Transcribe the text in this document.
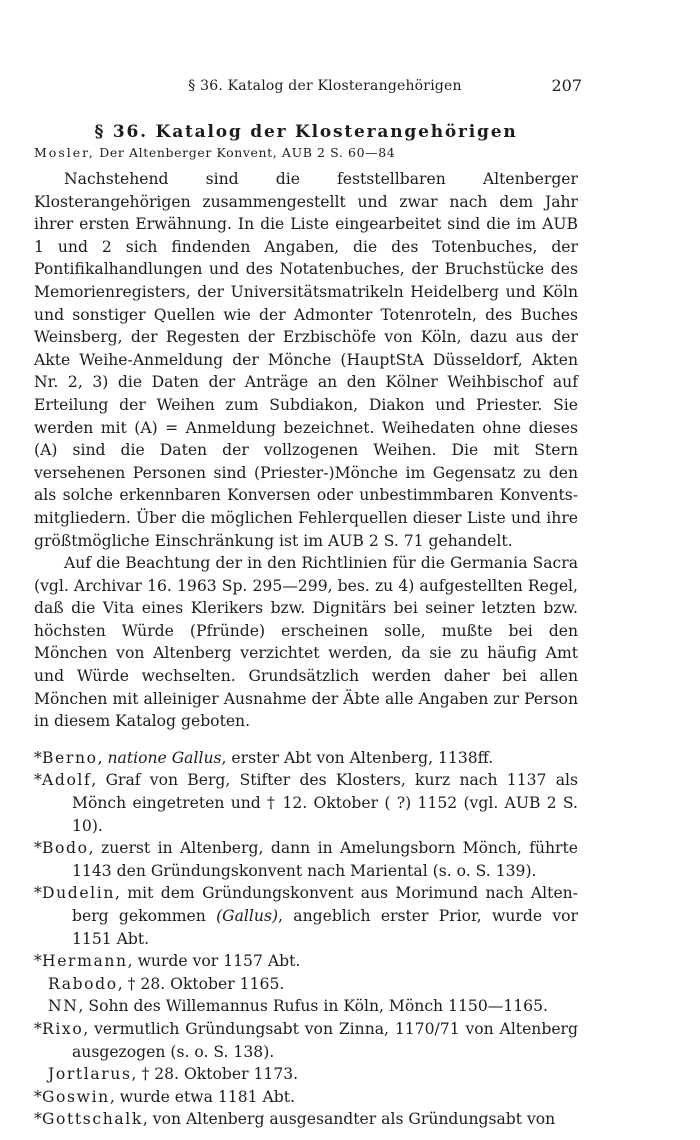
§ 36. Katalog der Klosterangehörigen	207
§ 36. Katalog der Klosterangehörigen
Mosler, Der Altenberger Konvent, AUB 2 S. 60—84

Nachstehend sind die feststellbaren Altenberger Klosterangehörigen zusammengestellt und zwar nach dem Jahr ihrer ersten Erwähnung. In die Liste eingearbeitet sind die im AUB 1 und 2 sich findenden Angaben, die des Totenbuches, der Pontifikalhandlungen und des Notatenbuches, der Bruchstücke des Memorienregisters, der Universitätsmatrikeln Heidelberg und Köln und sonstiger Quellen wie der Admonter Totenroteln, des Buches Weinsberg, der Regesten der Erzbischöfe von Köln, dazu aus der Akte Weihe-Anmeldung der Mönche (HauptStA Düsseldorf, Akten Nr. 2, 3) die Daten der Anträge an den Kölner Weihbischof auf Erteilung der Weihen zum Subdiakon, Diakon und Priester. Sie werden mit (A) = Anmeldung bezeichnet. Weihedaten ohne dieses (A) sind die Daten der vollzogenen Weihen. Die mit Stern versehenen Personen sind (Priester-)Mönche im Gegensatz zu den als solche erkennbaren Konversen oder unbestimmbaren Konventsmitgliedern. Über die möglichen Fehlerquellen dieser Liste und ihre größtmögliche Einschränkung ist im AUB 2 S. 71 gehandelt.

Auf die Beachtung der in den Richtlinien für die Germania Sacra (vgl. Archivar 16. 1963 Sp. 295—299, bes. zu 4) aufgestellten Regel, daß die Vita eines Klerikers bzw. Dignitärs bei seiner letzten bzw. höchsten Würde (Pfründe) erscheinen solle, mußte bei den Mönchen von Altenberg verzichtet werden, da sie zu häufig Amt und Würde wechselten. Grundsätzlich werden daher bei allen Mönchen mit alleiniger Ausnahme der Äbte alle Angaben zur Person in diesem Katalog geboten.

*Berno, natione Gallus, erster Abt von Altenberg, 1138ff.

*Adolf, Graf von Berg, Stifter des Klosters, kurz nach 1137 als Mönch eingetreten und † 12. Oktober ( ?) 1152 (vgl. AUB 2 S. 10).

*Bodo, zuerst in Altenberg, dann in Amelungsborn Mönch, führte 1143 den Gründungskonvent nach Mariental (s. o. S. 139).

*Dudelin, mit dem Gründungskonvent aus Morimund nach Altenberg gekommen (Gallus), angeblich erster Prior, wurde vor 1151 Abt.

*Hermann, wurde vor 1157 Abt.

Rabodo, † 28. Oktober 1165.

NN, Sohn des Willemannus Rufus in Köln, Mönch 1150—1165.

*Rixo, vermutlich Gründungsabt von Zinna, 1170/71 von Altenberg ausgezogen (s. o. S. 138).

Jortlarus, † 28. Oktober 1173.

*Goswin, wurde etwa 1181 Abt.

*Gottschalk, von Altenberg ausgesandter als Gründungsabt von
